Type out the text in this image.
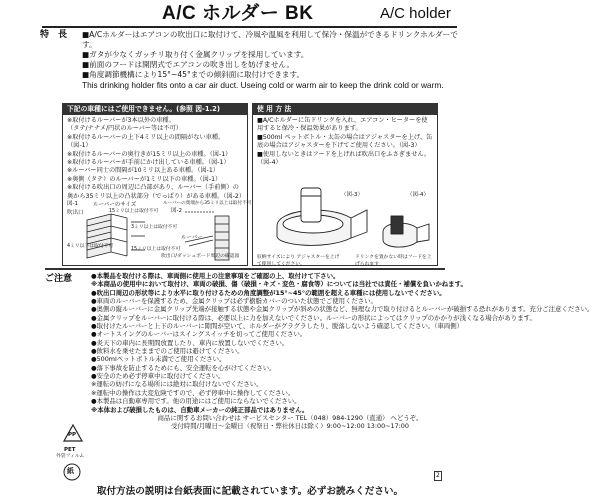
A/C ホルダー BK	A/C holder
特　長 ■A/Cホルダーはエアコンの吹出口に取付けて、冷風や温風を利用して保冷・保温ができるドリンクホルダーです。
■ガタが少なくガッチリ取り付く金属クリップを採用しています。
■前面のフードは開閉式でエアコンの吹き出しを妨げません。
■角度調節機構により15°~45°までの傾斜面に取付けできます。
This drinking holder fits onto a car air duct. Useing cold or warm air to keep the drink cold or warm.
下記の車種にはご使用できません。(参照 図-1.2)
※取付けるルーバーが3本以外の車種。
（タテ/ナナメ/円状のルーバー等は不可）
※取付けるルーバーの上下4ミリ以上の間隔がない車種。
（図-1）
※取付けるルーバーの奥行きが15ミリ以上の車種。（図-1）
※取付けるルーバーが手前にかけ出している車種。（図-1）
※ルーバー同士の間隔が10ミリ以上ある車種。（図-1）
※奥側（タテ）のルーバーが1ミリ以下の車種。（図-1）
※取付ける吹出口の周辺に凸部があり、ルーバー（手前側）の奥から35ミリ以上の凸状部分（でっぱり）がある車種。（図-2）
図-1	ルーバーのサイズ
15ミリ以上は取付不可
吹出口
3ミリ以上は取付不可
4ミリ以下は取付不可
15ミリ以上は取付不可
図-2
ルーバーの奥端から35ミリ以上は取付不可
ルーバー
吹出口/ダッシュボード周辺の確認図
使 用 方 法
■A/Cホルダーに缶ドリンクを入れ、エアコン・ヒーターを使用すると保冷・保温効果があります。
■500ml ペットボトル・太缶の場合はアジャスターを上げ、缶底の場合はアジャスターを下げてご使用ください。（図-3）
■使用しないときはフードを上げれば吹出口をふさぎません。（図-4）
（図-3）	（図-4）
収納サイズにより アジャスターを上げて使用してください。
ドリンクを置かない時はフードを上げられます
ご注意	●本製品を取付ける際は、車両側に使用上の注意事項をご確認の上、取付けて下さい。
※本商品の使用中において取付け、車両の破損、傷（破損・キズ・変色・腐食等）については当社では責任・補償を負いかねます。
●吹出口周辺の形状等により水平に取り付けるための角度調整が15°~45°の範囲を超える車種には使用しないでください。
●車両のルーバーを保護するため、金属クリップは必ず樹脂カバーのついた状態でご使用ください。
●奥側の縦ルーバーに金属クリップ先端が接触する状態や金属クリップが斜めの状態など、無理な力で取り付けるとルーバーが破損する恐れがあります。充分ご注意ください。
●金属クリップをルーバーに取付ける際は、必要以上に力を加えないでください。ルーバーの形状によってはクリップのかかりが浅くなる場合があります。
●取付けたルーバーと上下のルーバーに隙間が空いて、ホルダーがグラグラしたり、脱落しないよう確認してください。（車両側）
●オートスイングのルーバーはスイングスイッチを切ってご使用ください。
●炎天下の車内に長期間放置したり、車内に放置しないでください。
●飲料水を乗せたままでのご使用は避けてください。
●500mlペットボトル未満でご使用ください。
●落下事故を防止するためにも、安全運転を心がけてください。
●安全のため必ず停車中に取付けてください。
※運転の妨げになる場所には絶対に取付けないでください。
※運転中の操作は大変危険ですので、必ず停車中に操作してください。
●本製品は自動車専用です。他の用途にはご使用にならないでください。
※本体および破損したものは、自動車メーカーの純正部品ではありません。
商品に関するお問い合わせは サービスセンター TEL（048）984-1290（直通） へどうぞ。
受付時間/月曜日～金曜日（祝祭日・弊社休日は除く）9:00~12:00 13:00~17:00
PP
PET
外袋フィルム
紙
取付方法の説明は台紙表面に記載されています。必ずお読みください。
2
